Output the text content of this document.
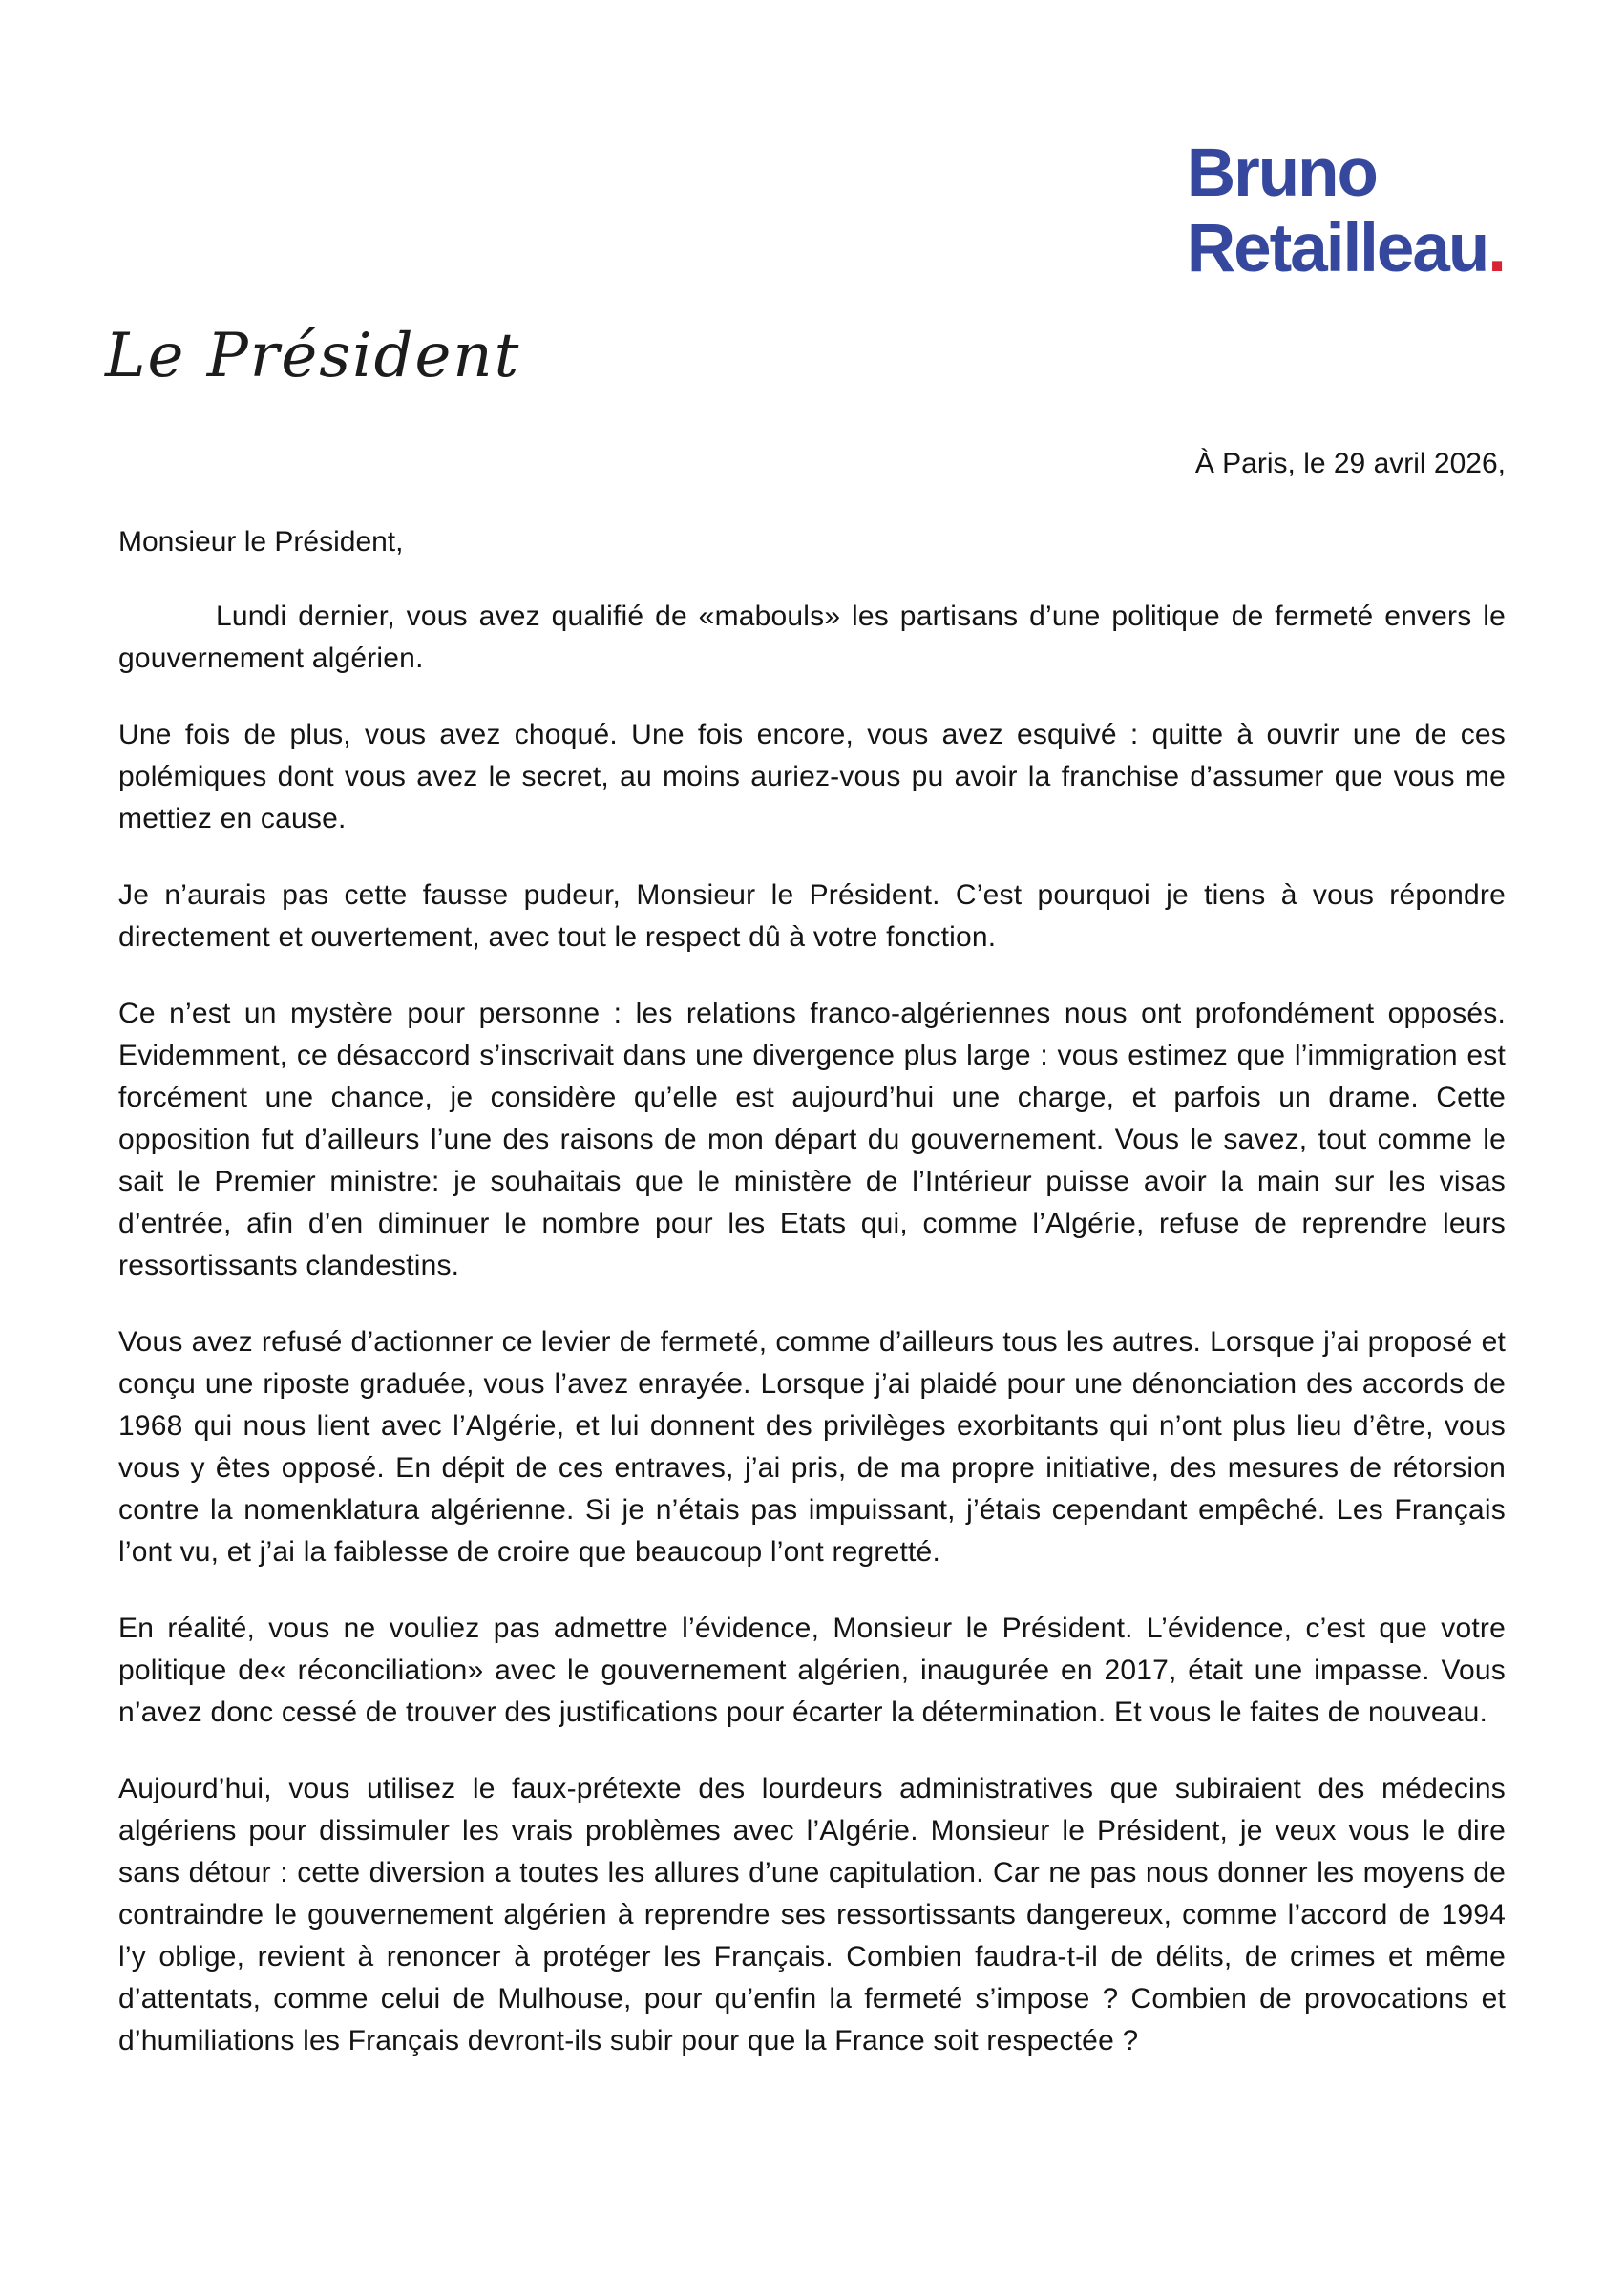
Bruno
Retailleau.
Le Président
À Paris, le 29 avril 2026,
Monsieur le Président,

Lundi dernier, vous avez qualifié de «mabouls» les partisans d’une politique de fermeté envers le gouvernement algérien.

Une fois de plus, vous avez choqué. Une fois encore, vous avez esquivé : quitte à ouvrir une de ces polémiques dont vous avez le secret, au moins auriez-vous pu avoir la franchise d’assumer que vous me mettiez en cause.

Je n’aurais pas cette fausse pudeur, Monsieur le Président. C’est pourquoi je tiens à vous répondre directement et ouvertement, avec tout le respect dû à votre fonction.

Ce n’est un mystère pour personne : les relations franco-algériennes nous ont profondément opposés. Evidemment, ce désaccord s’inscrivait dans une divergence plus large : vous estimez que l’immigration est forcément une chance, je considère qu’elle est aujourd’hui une charge, et parfois un drame. Cette opposition fut d’ailleurs l’une des raisons de mon départ du gouvernement. Vous le savez, tout comme le sait le Premier ministre: je souhaitais que le ministère de l’Intérieur puisse avoir la main sur les visas d’entrée, afin d’en diminuer le nombre pour les Etats qui, comme l’Algérie, refuse de reprendre leurs ressortissants clandestins.

Vous avez refusé d’actionner ce levier de fermeté, comme d’ailleurs tous les autres. Lorsque j’ai proposé et conçu une riposte graduée, vous l’avez enrayée. Lorsque j’ai plaidé pour une dénonciation des accords de 1968 qui nous lient avec l’Algérie, et lui donnent des privilèges exorbitants qui n’ont plus lieu d’être, vous vous y êtes opposé. En dépit de ces entraves, j’ai pris, de ma propre initiative, des mesures de rétorsion contre la nomenklatura algérienne. Si je n’étais pas impuissant, j’étais cependant empêché. Les Français l’ont vu, et j’ai la faiblesse de croire que beaucoup l’ont regretté.

En réalité, vous ne vouliez pas admettre l’évidence, Monsieur le Président. L’évidence, c’est que votre politique de« réconciliation» avec le gouvernement algérien, inaugurée en 2017, était une impasse. Vous n’avez donc cessé de trouver des justifications pour écarter la détermination. Et vous le faites de nouveau.

Aujourd’hui, vous utilisez le faux-prétexte des lourdeurs administratives que subiraient des médecins algériens pour dissimuler les vrais problèmes avec l’Algérie. Monsieur le Président, je veux vous le dire sans détour : cette diversion a toutes les allures d’une capitulation. Car ne pas nous donner les moyens de contraindre le gouvernement algérien à reprendre ses ressortissants dangereux, comme l’accord de 1994 l’y oblige, revient à renoncer à protéger les Français. Combien faudra-t-il de délits, de crimes et même d’attentats, comme celui de Mulhouse, pour qu’enfin la fermeté s’impose ? Combien de provocations et d’humiliations les Français devront-ils subir pour que la France soit respectée ?
